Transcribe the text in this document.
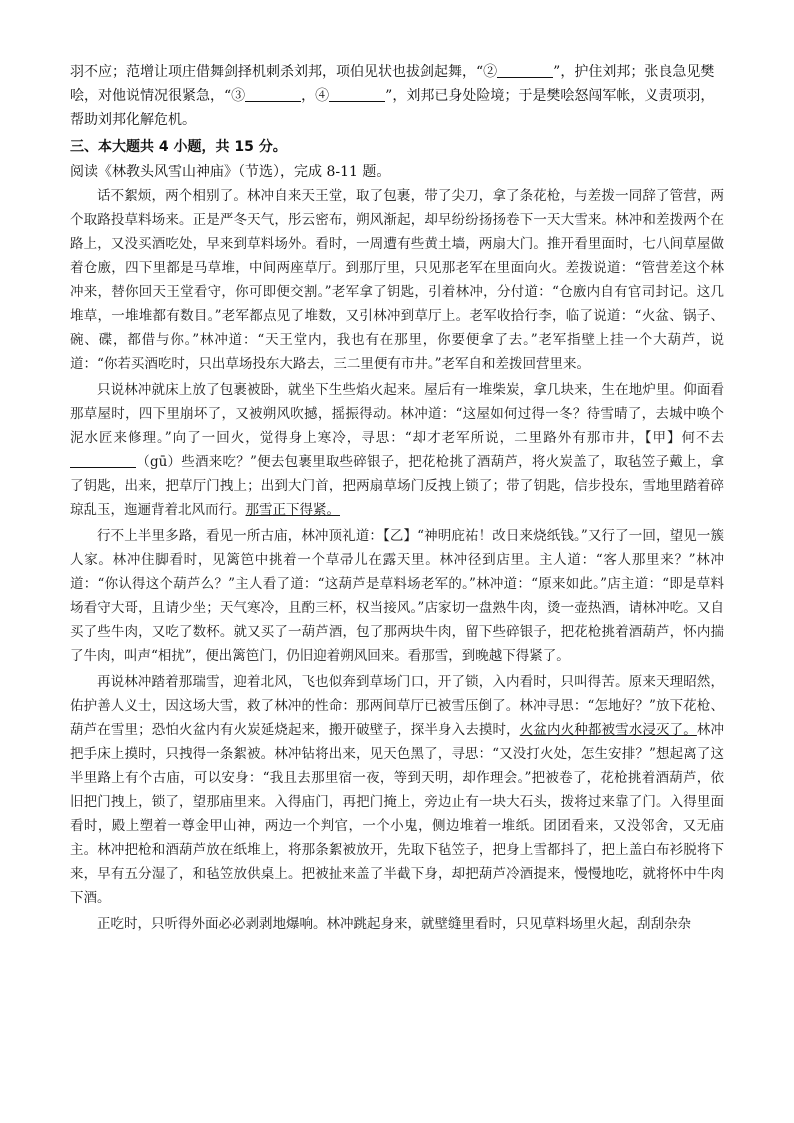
羽不应；范增让项庄借舞剑择机刺杀刘邦，项伯见状也拔剑起舞，“②	”，护住刘邦；张良急见樊

哙，对他说情况很紧急，“③	，④	”，刘邦已身处险境；于是樊哙怒闯军帐，义责项羽，

帮助刘邦化解危机。

三、本大题共 4 小题，共 15 分。
阅读《林教头风雪山神庙》（节选），完成 8-11 题。

话不絮烦，两个相别了。林冲自来天王堂，取了包裹，带了尖刀，拿了条花枪，与差拨一同辞了管营，两个取路投草料场来。正是严冬天气，彤云密布，朔风渐起，却早纷纷扬扬卷下一天大雪来。林冲和差拨两个在路上，又没买酒吃处，早来到草料场外。看时，一周遭有些黄土墙，两扇大门。推开看里面时，七八间草屋做着仓廒，四下里都是马草堆，中间两座草厅。到那厅里，只见那老军在里面向火。差拨说道：“管营差这个林冲来，替你回天王堂看守，你可即便交割。”老军拿了钥匙，引着林冲，分付道：“仓廒内自有官司封记。这几堆草，一堆堆都有数目。”老军都点见了堆数，又引林冲到草厅上。老军收拾行李，临了说道：“火盆、锅子、碗、碟，都借与你。”林冲道：“天王堂内，我也有在那里，你要便拿了去。”老军指壁上挂一个大葫芦，说道：“你若买酒吃时，只出草场投东大路去，三二里便有市井。”老军自和差拨回营里来。

只说林冲就床上放了包裹被卧，就坐下生些焰火起来。屋后有一堆柴炭，拿几块来，生在地炉里。仰面看那草屋时，四下里崩坏了，又被朔风吹撼，摇振得动。林冲道：“这屋如何过得一冬？待雪晴了，去城中唤个泥水匠来修理。”向了一回火，觉得身上寒冷，寻思：“却才老军所说，二里路外有那市井，【甲】何不去（gū）些酒来吃？”便去包裹里取些碎银子，把花枪挑了酒葫芦，将火炭盖了，取毡笠子戴上，拿了钥匙，出来，把草厅门拽上；出到大门首，把两扇草场门反拽上锁了；带了钥匙，信步投东，雪地里踏着碎琼乱玉，迤逦背着北风而行。那雪正下得紧。

行不上半里多路，看见一所古庙，林冲顶礼道：【乙】“神明庇祐！改日来烧纸钱。”又行了一回，望见一簇人家。林冲住脚看时，见篱笆中挑着一个草帚儿在露天里。林冲径到店里。主人道：“客人那里来？”林冲道：“你认得这个葫芦么？”主人看了道：“这葫芦是草料场老军的。”林冲道：“原来如此。”店主道：“即是草料场看守大哥，且请少坐；天气寒冷，且酌三杯，权当接风。”店家切一盘熟牛肉，烫一壶热酒，请林冲吃。又自买了些牛肉，又吃了数杯。就又买了一葫芦酒，包了那两块牛肉，留下些碎银子，把花枪挑着酒葫芦，怀内揣了牛肉，叫声“相扰”，便出篱笆门，仍旧迎着朔风回来。看那雪，到晚越下得紧了。

再说林冲踏着那瑞雪，迎着北风，飞也似奔到草场门口，开了锁，入内看时，只叫得苦。原来天理昭然，佑护善人义士，因这场大雪，救了林冲的性命：那两间草厅已被雪压倒了。林冲寻思：“怎地好？”放下花枪、葫芦在雪里；恐怕火盆内有火炭延烧起来，搬开破壁子，探半身入去摸时，火盆内火种都被雪水浸灭了。林冲把手床上摸时，只拽得一条絮被。林冲钻将出来，见天色黑了，寻思：“又没打火处，怎生安排？”想起离了这半里路上有个古庙，可以安身：“我且去那里宿一夜，等到天明，却作理会。”把被卷了，花枪挑着酒葫芦，依旧把门拽上，锁了，望那庙里来。入得庙门，再把门掩上，旁边止有一块大石头，拨将过来靠了门。入得里面看时，殿上塑着一尊金甲山神，两边一个判官，一个小鬼，侧边堆着一堆纸。团团看来，又没邻舍，又无庙主。林冲把枪和酒葫芦放在纸堆上，将那条絮被放开，先取下毡笠子，把身上雪都抖了，把上盖白布衫脱将下来，早有五分湿了，和毡笠放供桌上。把被扯来盖了半截下身，却把葫芦冷酒提来，慢慢地吃，就将怀中牛肉下酒。

正吃时，只听得外面必必剥剥地爆响。林冲跳起身来，就壁缝里看时，只见草料场里火起，刮刮杂杂
